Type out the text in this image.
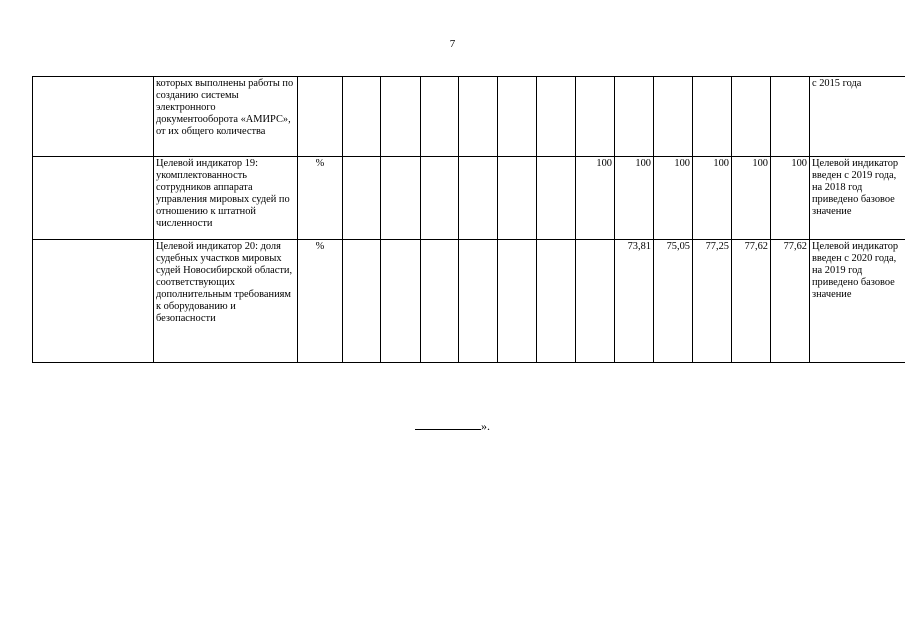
7
	которых выполнены работы по созданию системы электронного документооборота «АМИРС», от их общего количества														с 2015 года
	Целевой индикатор 19: укомплектованность сотрудников аппарата управления мировых судей по отношению к штатной численности	%							100	100	100	100	100	100	Целевой индикатор введен с 2019 года, на 2018 год приведено базовое значение
	Целевой индикатор 20: доля судебных участков мировых судей Новосибирской области, соответствующих дополнительным требованиям к оборудованию и безопасности	%								73,81	75,05	77,25	77,62	77,62	Целевой индикатор введен с 2020 года, на 2019 год приведено базовое значение
».
